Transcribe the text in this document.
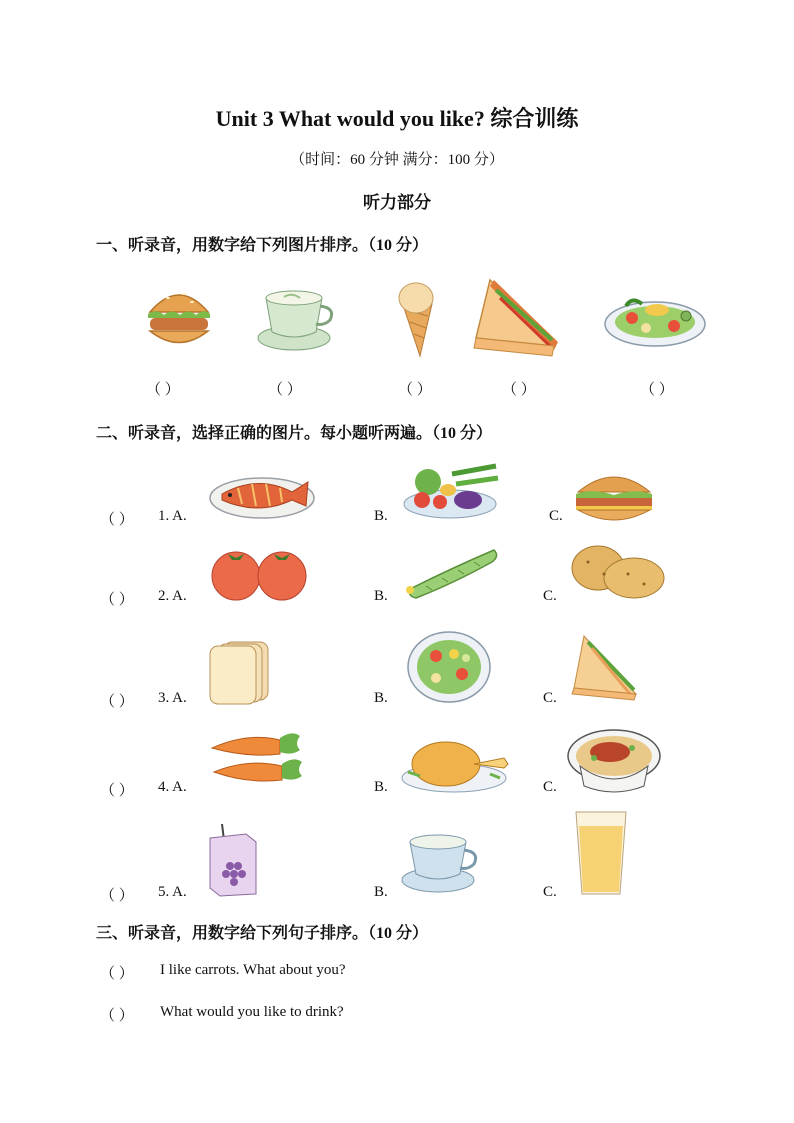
Unit 3 What would you like? 综合训练
（时间：60 分钟 满分：100 分）
听力部分
一、听录音，用数字给下列图片排序。（10 分）
（ ）	（ ）	（ ）	（ ）	（ ）
二、听录音，选择正确的图片。每小题听两遍。（10 分）
（ ） 1. A.	B.	C.
（ ） 2. A.	B.	C.
（ ） 3. A.	B.	C.
（ ） 4. A.	B.	C.
（ ） 5. A.	B.	C.
三、听录音，用数字给下列句子排序。（10 分）
（ ） I like carrots. What about you?
（ ） What would you like to drink?
